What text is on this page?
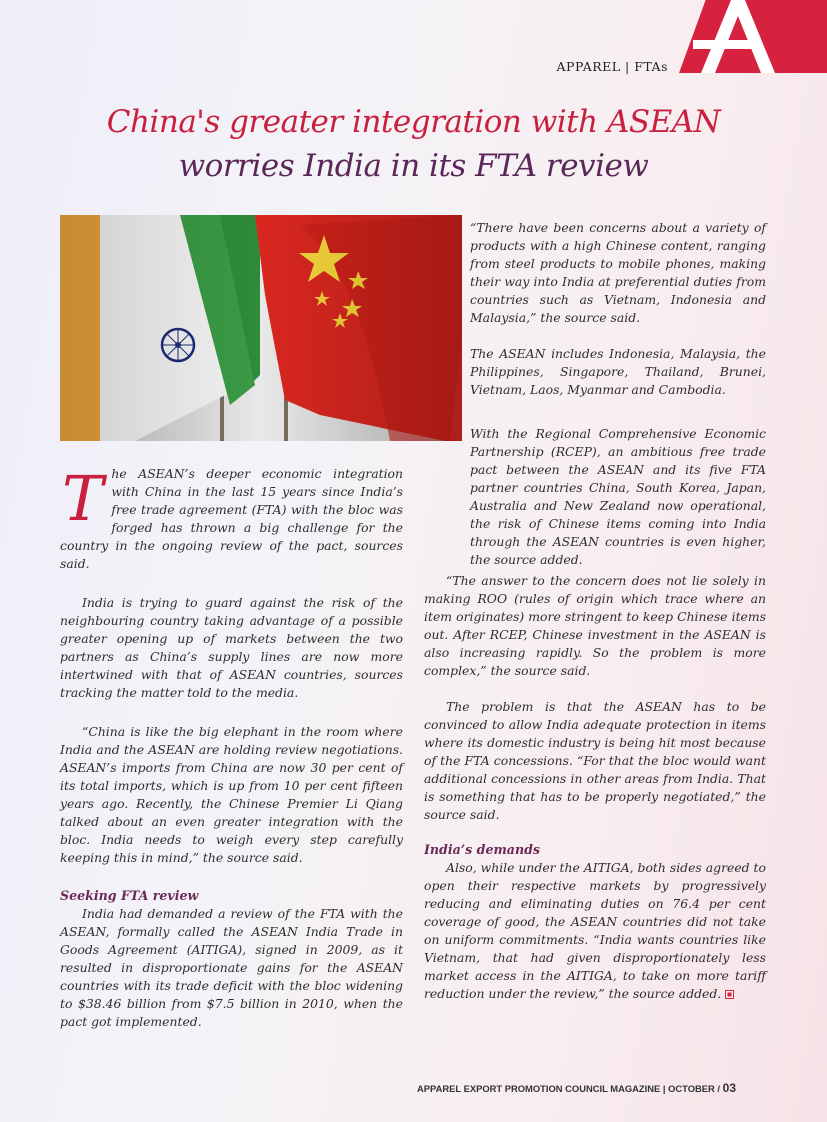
APPAREL | FTAs
China's greater integration with ASEAN
worries India in its FTA review

“There have been concerns about a variety of products with a high Chinese content, ranging from steel products to mobile phones, making their way into India at preferential duties from countries such as Vietnam, Indonesia and Malaysia,” the source said.

The ASEAN includes Indonesia, Malaysia, the Philippines, Singapore, Thailand, Brunei, Vietnam, Laos, Myanmar and Cambodia.

With the Regional Comprehensive Economic Partnership (RCEP), an ambitious free trade pact between the ASEAN and its five FTA partner countries China, South Korea, Japan, Australia and New Zealand now operational, the risk of Chinese items coming into India through the ASEAN countries is even higher, the source added.

“The answer to the concern does not lie solely in making ROO (rules of origin which trace where an item originates) more stringent to keep Chinese items out. After RCEP, Chinese investment in the ASEAN is also increasing rapidly. So the problem is more complex,” the source said.

The problem is that the ASEAN has to be convinced to allow India adequate protection in items where its domestic industry is being hit most because of the FTA concessions. “For that the bloc would want additional concessions in other areas from India. That is something that has to be properly negotiated,” the source said.

India’s demands

Also, while under the AITIGA, both sides agreed to open their respective markets by progressively reducing and eliminating duties on 76.4 per cent coverage of good, the ASEAN countries did not take on uniform commitments. “India wants countries like Vietnam, that had given disproportionately less market access in the AITIGA, to take on more tariff reduction under the review,” the source added.

The ASEAN’s deeper economic integration with China in the last 15 years since India’s free trade agreement (FTA) with the bloc was forged has thrown a big challenge for the country in the ongoing review of the pact, sources said.

India is trying to guard against the risk of the neighbouring country taking advantage of a possible greater opening up of markets between the two partners as China’s supply lines are now more intertwined with that of ASEAN countries, sources tracking the matter told to the media.

“China is like the big elephant in the room where India and the ASEAN are holding review negotiations. ASEAN’s imports from China are now 30 per cent of its total imports, which is up from 10 per cent fifteen years ago. Recently, the Chinese Premier Li Qiang talked about an even greater integration with the bloc. India needs to weigh every step carefully keeping this in mind,” the source said.

Seeking FTA review

India had demanded a review of the FTA with the ASEAN, formally called the ASEAN India Trade in Goods Agreement (AITIGA), signed in 2009, as it resulted in disproportionate gains for the ASEAN countries with its trade deficit with the bloc widening to $38.46 billion from $7.5 billion in 2010, when the pact got implemented.

APPAREL EXPORT PROMOTION COUNCIL MAGAZINE | OCTOBER / 03
